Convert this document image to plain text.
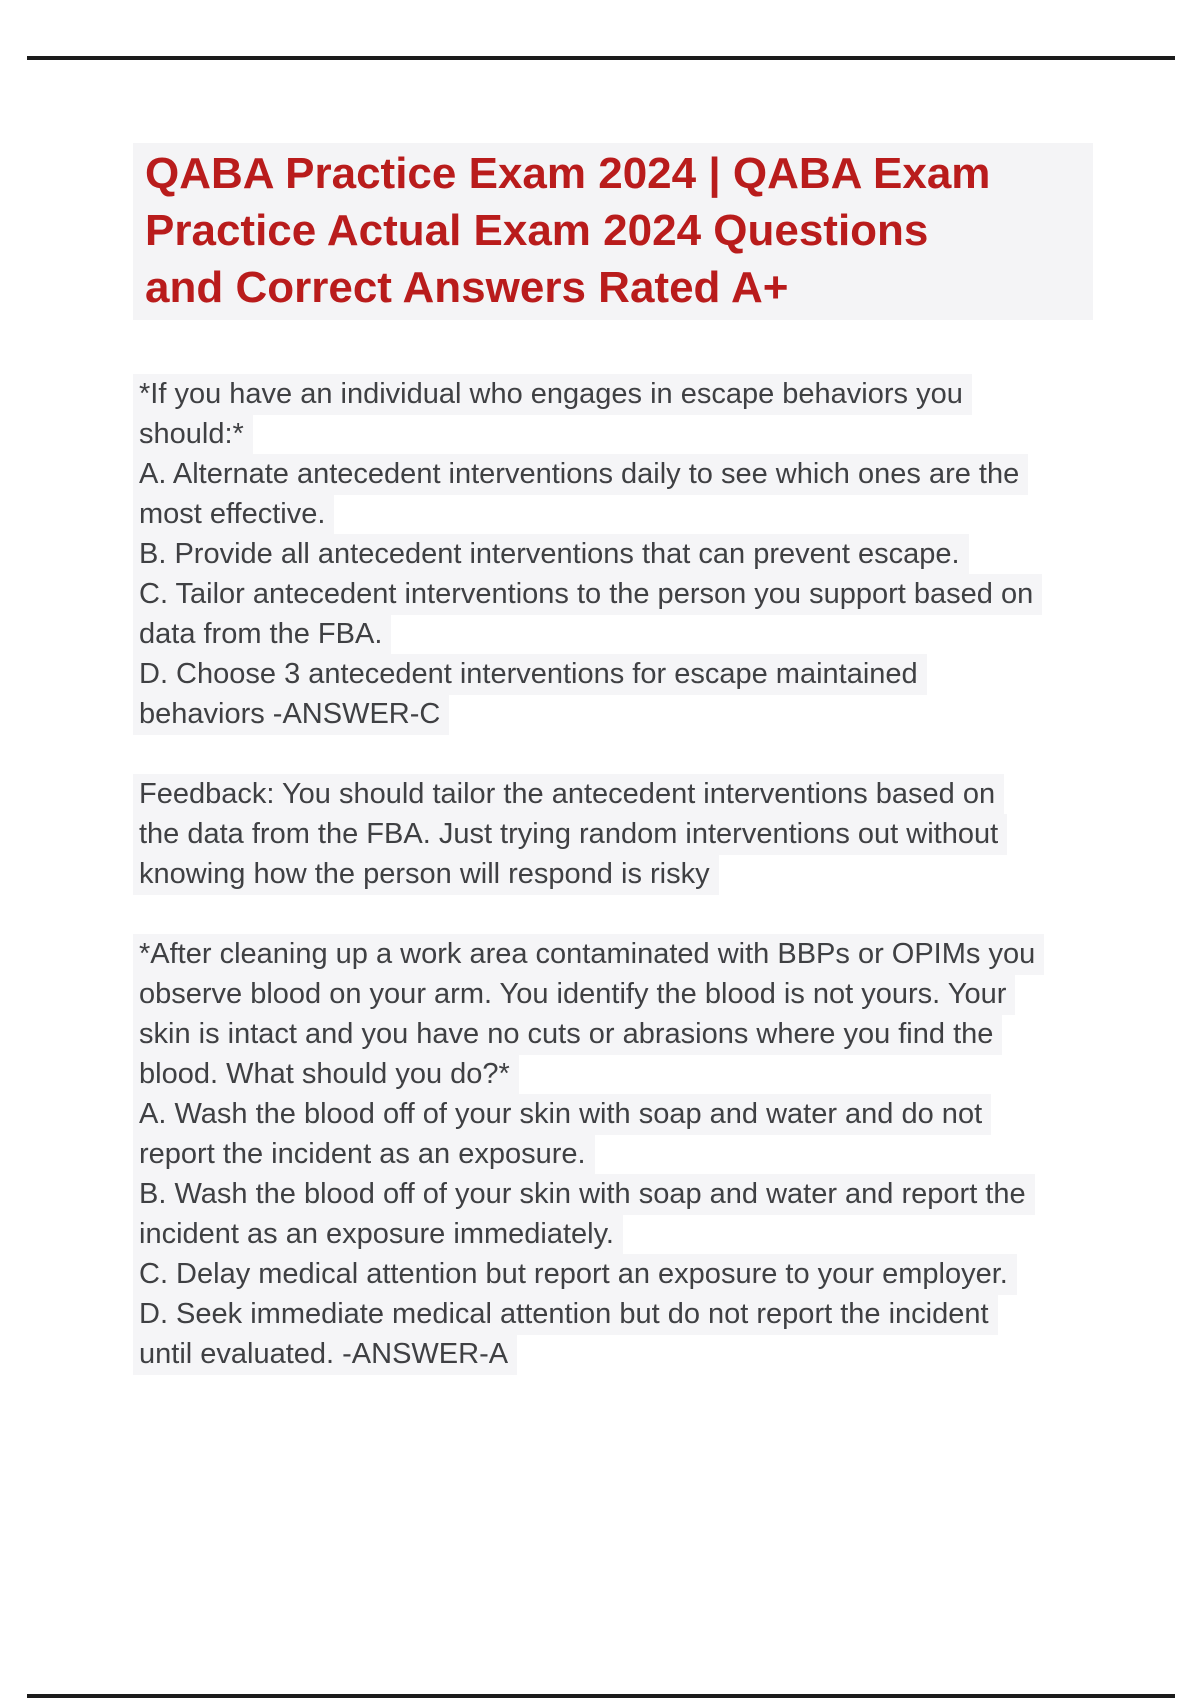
QABA Practice Exam 2024 | QABA Exam
Practice Actual Exam 2024 Questions
and Correct Answers Rated A+
*If you have an individual who engages in escape behaviors you
should:*
A. Alternate antecedent interventions daily to see which ones are the
most effective.
B. Provide all antecedent interventions that can prevent escape.
C. Tailor antecedent interventions to the person you support based on
data from the FBA.
D. Choose 3 antecedent interventions for escape maintained
behaviors -ANSWER-C
Feedback: You should tailor the antecedent interventions based on
the data from the FBA. Just trying random interventions out without
knowing how the person will respond is risky
*After cleaning up a work area contaminated with BBPs or OPIMs you
observe blood on your arm. You identify the blood is not yours. Your
skin is intact and you have no cuts or abrasions where you find the
blood. What should you do?*
A. Wash the blood off of your skin with soap and water and do not
report the incident as an exposure.
B. Wash the blood off of your skin with soap and water and report the
incident as an exposure immediately.
C. Delay medical attention but report an exposure to your employer.
D. Seek immediate medical attention but do not report the incident
until evaluated. -ANSWER-A
